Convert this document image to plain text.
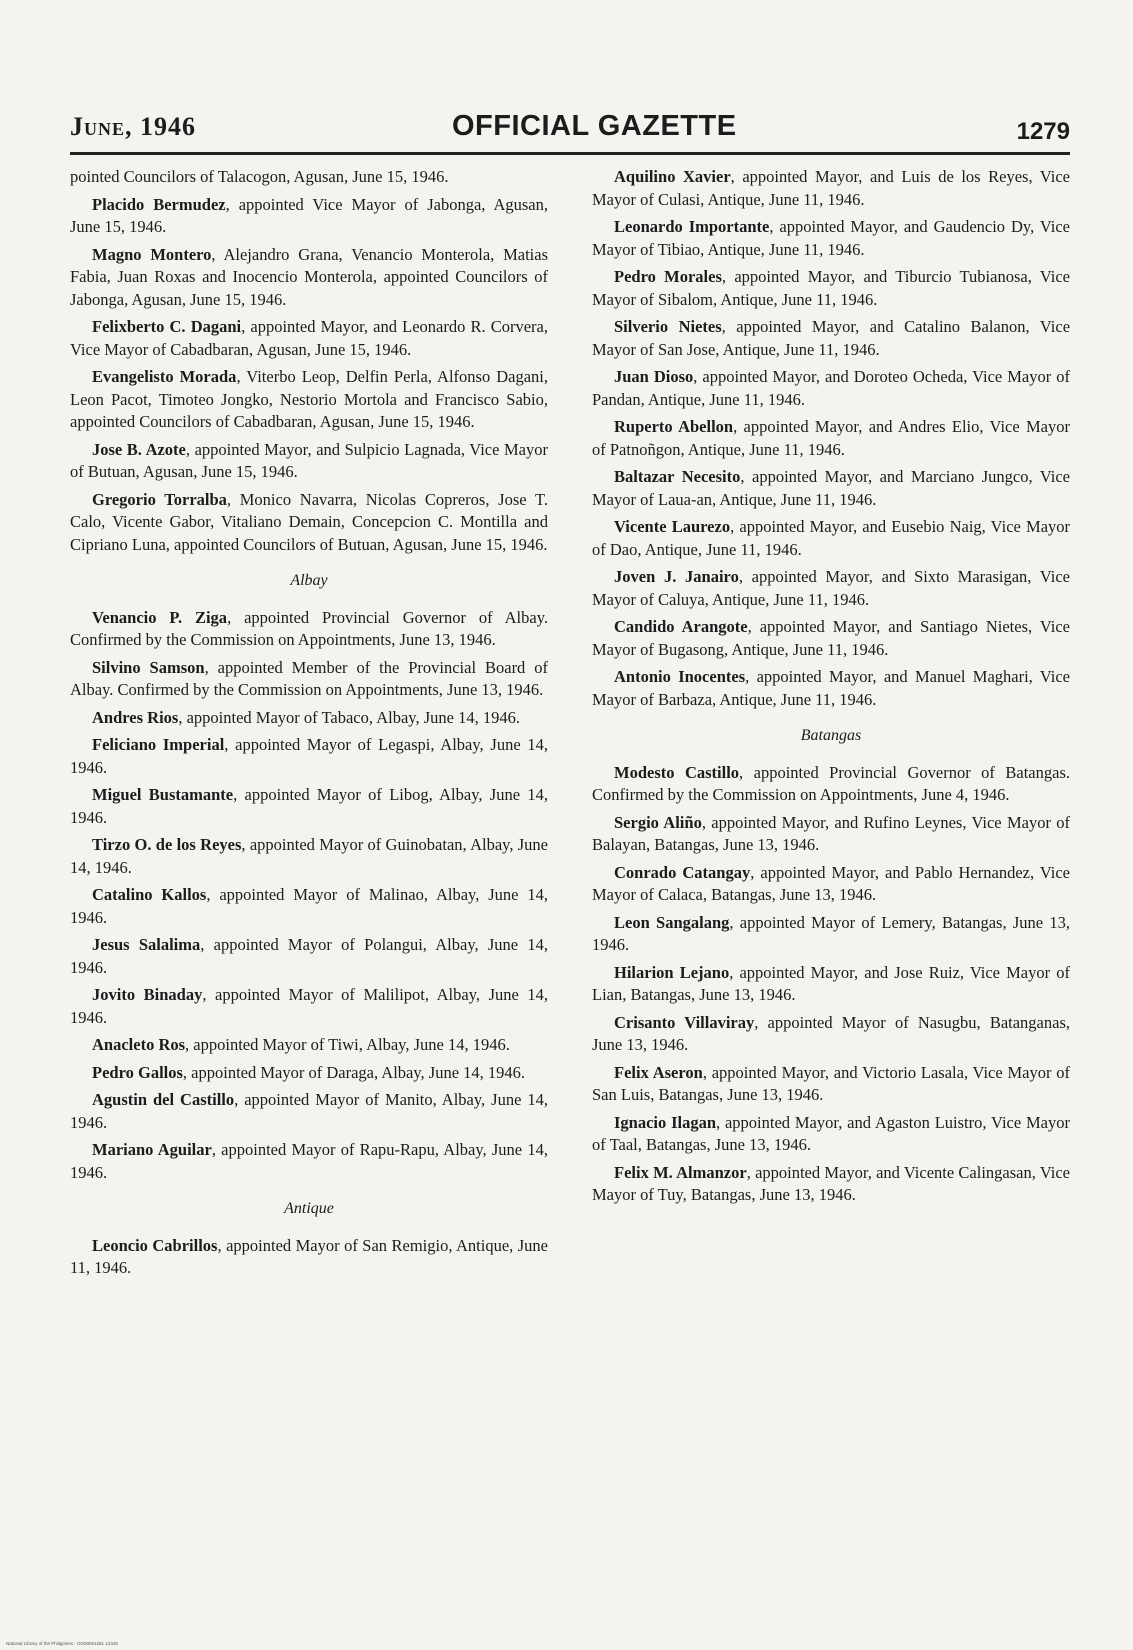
June, 1946	OFFICIAL GAZETTE	1279

pointed Councilors of Talacogon, Agusan, June 15, 1946.

Placido Bermudez, appointed Vice Mayor of Jabonga, Agusan, June 15, 1946.

Magno Montero, Alejandro Grana, Venancio Monterola, Matias Fabia, Juan Roxas and Inocencio Monterola, appointed Councilors of Jabonga, Agusan, June 15, 1946.

Felixberto C. Dagani, appointed Mayor, and Leonardo R. Corvera, Vice Mayor of Cabadbaran, Agusan, June 15, 1946.

Evangelisto Morada, Viterbo Leop, Delfin Perla, Alfonso Dagani, Leon Pacot, Timoteo Jongko, Nestorio Mortola and Francisco Sabio, appointed Councilors of Cabadbaran, Agusan, June 15, 1946.

Jose B. Azote, appointed Mayor, and Sulpicio Lagnada, Vice Mayor of Butuan, Agusan, June 15, 1946.

Gregorio Torralba, Monico Navarra, Nicolas Copreros, Jose T. Calo, Vicente Gabor, Vitaliano Demain, Concepcion C. Montilla and Cipriano Luna, appointed Councilors of Butuan, Agusan, June 15, 1946.

Albay

Venancio P. Ziga, appointed Provincial Governor of Albay. Confirmed by the Commission on Appointments, June 13, 1946.

Silvino Samson, appointed Member of the Provincial Board of Albay. Confirmed by the Commission on Appointments, June 13, 1946.

Andres Rios, appointed Mayor of Tabaco, Albay, June 14, 1946.

Feliciano Imperial, appointed Mayor of Legaspi, Albay, June 14, 1946.

Miguel Bustamante, appointed Mayor of Libog, Albay, June 14, 1946.

Tirzo O. de los Reyes, appointed Mayor of Guinobatan, Albay, June 14, 1946.

Catalino Kallos, appointed Mayor of Malinao, Albay, June 14, 1946.

Jesus Salalima, appointed Mayor of Polangui, Albay, June 14, 1946.

Jovito Binaday, appointed Mayor of Malilipot, Albay, June 14, 1946.

Anacleto Ros, appointed Mayor of Tiwi, Albay, June 14, 1946.

Pedro Gallos, appointed Mayor of Daraga, Albay, June 14, 1946.

Agustin del Castillo, appointed Mayor of Manito, Albay, June 14, 1946.

Mariano Aguilar, appointed Mayor of Rapu-Rapu, Albay, June 14, 1946.

Antique

Leoncio Cabrillos, appointed Mayor of San Remigio, Antique, June 11, 1946.

Aquilino Xavier, appointed Mayor, and Luis de los Reyes, Vice Mayor of Culasi, Antique, June 11, 1946.

Leonardo Importante, appointed Mayor, and Gaudencio Dy, Vice Mayor of Tibiao, Antique, June 11, 1946.

Pedro Morales, appointed Mayor, and Tiburcio Tubianosa, Vice Mayor of Sibalom, Antique, June 11, 1946.

Silverio Nietes, appointed Mayor, and Catalino Balanon, Vice Mayor of San Jose, Antique, June 11, 1946.

Juan Dioso, appointed Mayor, and Doroteo Ocheda, Vice Mayor of Pandan, Antique, June 11, 1946.

Ruperto Abellon, appointed Mayor, and Andres Elio, Vice Mayor of Patnoñgon, Antique, June 11, 1946.

Baltazar Necesito, appointed Mayor, and Marciano Jungco, Vice Mayor of Laua-an, Antique, June 11, 1946.

Vicente Laurezo, appointed Mayor, and Eusebio Naig, Vice Mayor of Dao, Antique, June 11, 1946.

Joven J. Janairo, appointed Mayor, and Sixto Marasigan, Vice Mayor of Caluya, Antique, June 11, 1946.

Candido Arangote, appointed Mayor, and Santiago Nietes, Vice Mayor of Bugasong, Antique, June 11, 1946.

Antonio Inocentes, appointed Mayor, and Manuel Maghari, Vice Mayor of Barbaza, Antique, June 11, 1946.

Batangas

Modesto Castillo, appointed Provincial Governor of Batangas. Confirmed by the Commission on Appointments, June 4, 1946.

Sergio Aliño, appointed Mayor, and Rufino Leynes, Vice Mayor of Balayan, Batangas, June 13, 1946.

Conrado Catangay, appointed Mayor, and Pablo Hernandez, Vice Mayor of Calaca, Batangas, June 13, 1946.

Leon Sangalang, appointed Mayor of Lemery, Batangas, June 13, 1946.

Hilarion Lejano, appointed Mayor, and Jose Ruiz, Vice Mayor of Lian, Batangas, June 13, 1946.

Crisanto Villaviray, appointed Mayor of Nasugbu, Batanganas, June 13, 1946.

Felix Aseron, appointed Mayor, and Victorio Lasala, Vice Mayor of San Luis, Batangas, June 13, 1946.

Ignacio Ilagan, appointed Mayor, and Agaston Luistro, Vice Mayor of Taal, Batangas, June 13, 1946.

Felix M. Almanzor, appointed Mayor, and Vicente Calingasan, Vice Mayor of Tuy, Batangas, June 13, 1946.

National Library of the Philippines · OG00001281 12345
